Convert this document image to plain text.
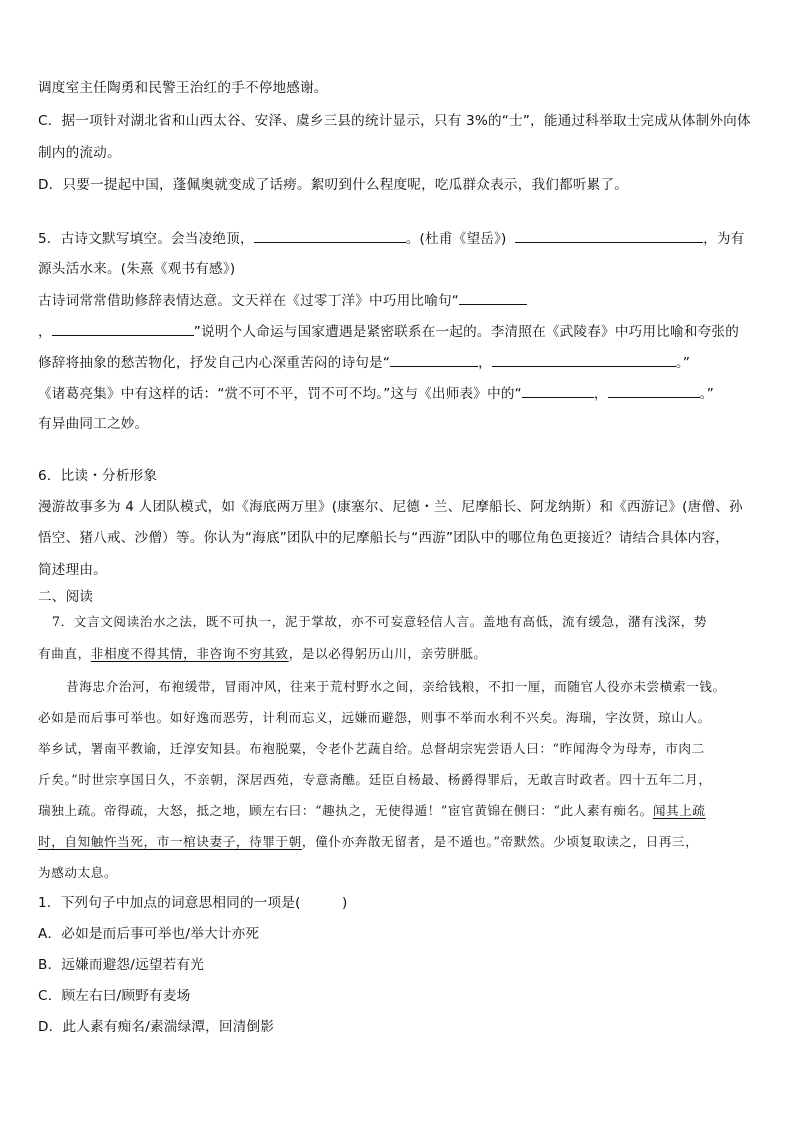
调度室主任陶勇和民警王治红的手不停地感谢。
C．据一项针对湖北省和山西太谷、安泽、虞乡三县的统计显示，只有 3%的“士”，能通过科举取士完成从体制外向体
制内的流动。
D．只要一提起中国，蓬佩奥就变成了话痨。絮叨到什么程度呢，吃瓜群众表示，我们都听累了。
5．古诗文默写填空。会当凌绝顶，	。(杜甫《望岳》)	，为有
源头活水来。(朱熹《观书有感》)
古诗词常常借助修辞表情达意。文天祥在《过零丁洋》中巧用比喻句“
，	”说明个人命运与国家遭遇是紧密联系在一起的。李清照在《武陵春》中巧用比喻和夸张的
修辞将抽象的愁苦物化，抒发自己内心深重苦闷的诗句是“	，	。”
《诸葛亮集》中有这样的话：“赏不可不平，罚不可不均。”这与《出师表》中的“	，	。”
有异曲同工之妙。
6．比读・分析形象
漫游故事多为 4 人团队模式，如《海底两万里》(康塞尔、尼德・兰、尼摩船长、阿龙纳斯）和《西游记》(唐僧、孙
悟空、猪八戒、沙僧）等。你认为“海底”团队中的尼摩船长与“西游”团队中的哪位角色更接近？请结合具体内容，
简述理由。
二、阅读
7．文言文阅读治水之法，既不可执一，泥于掌故，亦不可妄意轻信人言。盖地有高低，流有缓急，潴有浅深，势
有曲直，非相度不得其情，非咨询不穷其致，是以必得躬历山川，亲劳胼胝。
昔海忠介治河，布袍缓带，冒雨冲风，往来于荒村野水之间，亲给钱粮，不扣一厘，而随官人役亦未尝横索一钱。
必如是而后事可举也。如好逸而恶劳，计利而忘义，远嫌而避怨，则事不举而水利不兴矣。海瑞，字汝贤，琼山人。
举乡试，署南平教谕，迁淳安知县。布袍脱粟，令老仆艺蔬自给。总督胡宗宪尝语人曰：“昨闻海令为母寿，市肉二
斤矣。”时世宗享国日久，不亲朝，深居西苑，专意斋醮。廷臣自杨最、杨爵得罪后，无敢言时政者。四十五年二月，
瑞独上疏。帝得疏，大怒，抵之地，顾左右曰：“趣执之，无使得遁！”宦官黄锦在侧曰：“此人素有痴名。闻其上疏
时，自知触忤当死，市一棺诀妻子，待罪于朝，僮仆亦奔散无留者，是不遁也。”帝默然。少顷复取读之，日再三，
为感动太息。
1．下列句子中加点的词意思相同的一项是(　　　)
A．必如是而后事可举也/举大计亦死
B．远嫌而避怨/远望若有光
C．顾左右曰/顾野有麦场
D．此人素有痴名/素湍绿潭，回清倒影
